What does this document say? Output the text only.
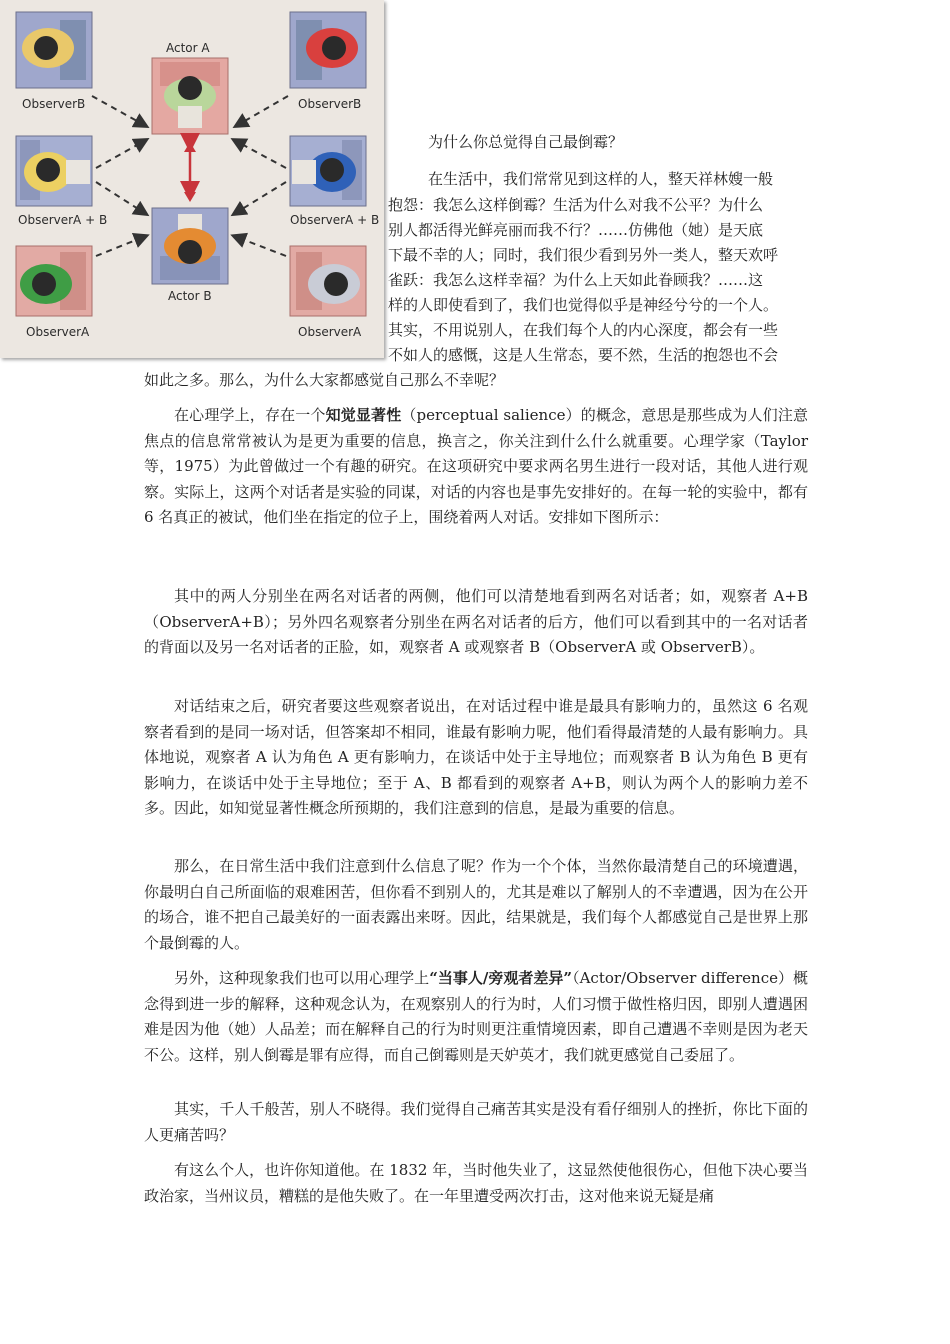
ObserverB
Actor A
ObserverB
ObserverA + B	ObserverA + B
Actor B
ObserverA	ObserverA
为什么你总觉得自己最倒霉？
在生活中，我们常常见到这样的人，整天祥林嫂一般
抱怨：我怎么这样倒霉？生活为什么对我不公平？为什么
别人都活得光鲜亮丽而我不行？……仿佛他（她）是天底
下最不幸的人；同时，我们很少看到另外一类人，整天欢呼
雀跃：我怎么这样幸福？为什么上天如此眷顾我？……这
样的人即使看到了，我们也觉得似乎是神经兮兮的一个人。
其实，不用说别人，在我们每个人的内心深度，都会有一些
不如人的感慨，这是人生常态，要不然，生活的抱怨也不会
如此之多。那么，为什么大家都感觉自己那么不幸呢？
在心理学上，存在一个知觉显著性（perceptual salience）的概念，意思是那些成为人们注意焦点的信息常常被认为是更为重要的信息，换言之，你关注到什么什么就重要。心理学家（Taylor 等，1975）为此曾做过一个有趣的研究。在这项研究中要求两名男生进行一段对话，其他人进行观察。实际上，这两个对话者是实验的同谋，对话的内容也是事先安排好的。在每一轮的实验中，都有 6 名真正的被试，他们坐在指定的位子上，围绕着两人对话。安排如下图所示：
其中的两人分别坐在两名对话者的两侧，他们可以清楚地看到两名对话者；如，观察者 A+B（ObserverA+B）；另外四名观察者分别坐在两名对话者的后方，他们可以看到其中的一名对话者的背面以及另一名对话者的正脸，如，观察者 A 或观察者 B（ObserverA 或 ObserverB）。
对话结束之后，研究者要这些观察者说出，在对话过程中谁是最具有影响力的，虽然这 6 名观察者看到的是同一场对话，但答案却不相同，谁最有影响力呢，他们看得最清楚的人最有影响力。具体地说，观察者 A 认为角色 A 更有影响力，在谈话中处于主导地位；而观察者 B 认为角色 B 更有影响力，在谈话中处于主导地位；至于 A、B 都看到的观察者 A+B，则认为两个人的影响力差不多。因此，如知觉显著性概念所预期的，我们注意到的信息，是最为重要的信息。
那么，在日常生活中我们注意到什么信息了呢？作为一个个体，当然你最清楚自己的环境遭遇，你最明白自己所面临的艰难困苦，但你看不到别人的，尤其是难以了解别人的不幸遭遇，因为在公开的场合，谁不把自己最美好的一面表露出来呀。因此，结果就是，我们每个人都感觉自己是世界上那个最倒霉的人。
另外，这种现象我们也可以用心理学上“当事人/旁观者差异”（Actor/Observer difference）概念得到进一步的解释，这种观念认为，在观察别人的行为时，人们习惯于做性格归因，即别人遭遇困难是因为他（她）人品差；而在解释自己的行为时则更注重情境因素，即自己遭遇不幸则是因为老天不公。这样，别人倒霉是罪有应得，而自己倒霉则是天妒英才，我们就更感觉自己委屈了。
其实，千人千般苦，别人不晓得。我们觉得自己痛苦其实是没有看仔细别人的挫折，你比下面的人更痛苦吗？
有这么个人，也许你知道他。在 1832 年，当时他失业了，这显然使他很伤心，但他下决心要当政治家，当州议员，糟糕的是他失败了。在一年里遭受两次打击，这对他来说无疑是痛
